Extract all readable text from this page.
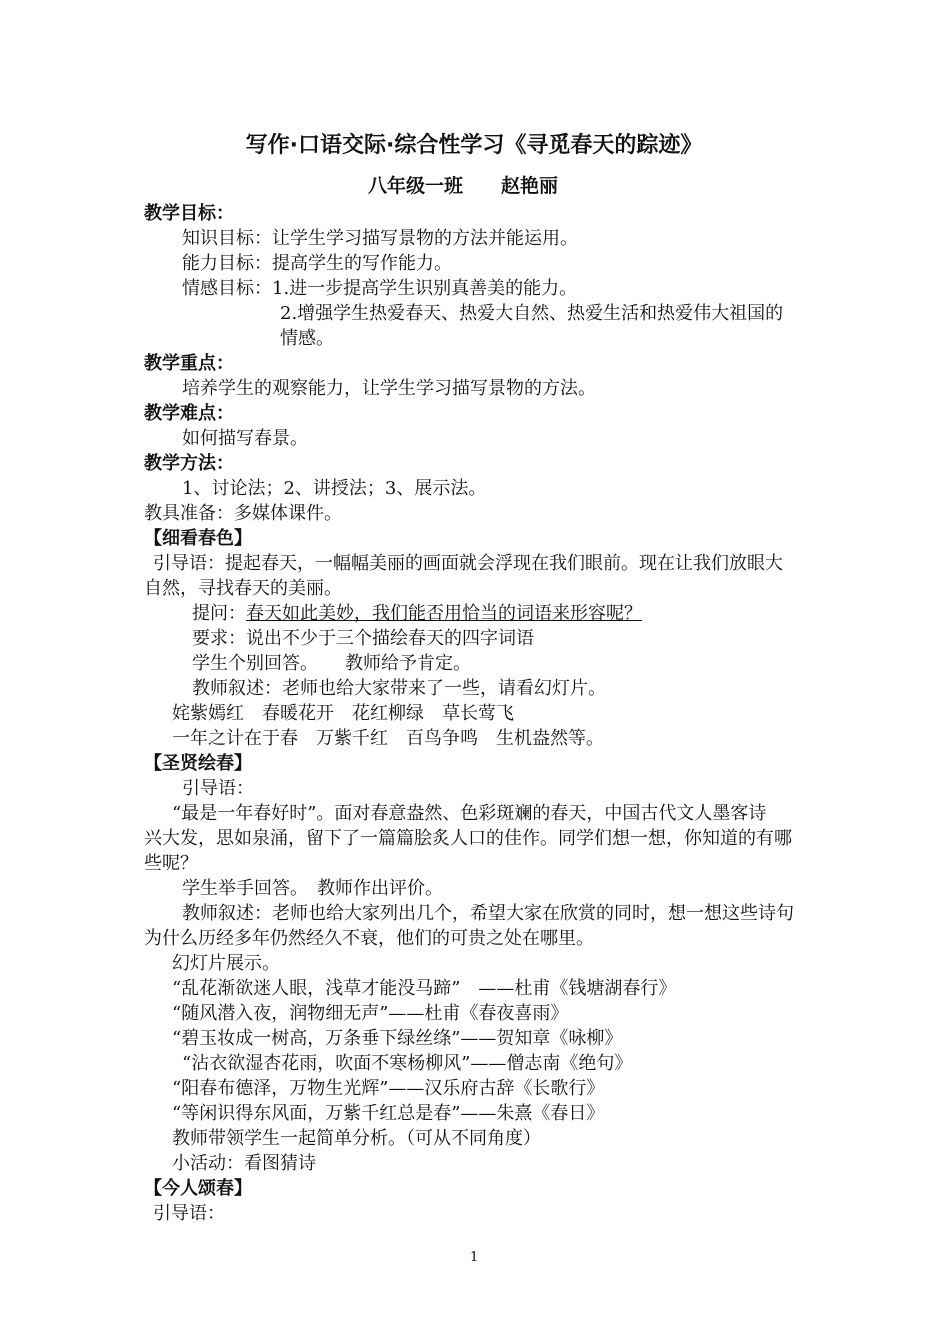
写作·口语交际·综合性学习《寻觅春天的踪迹》
八年级一班　　赵艳丽
教学目标：
知识目标：让学生学习描写景物的方法并能运用。
能力目标：提高学生的写作能力。
情感目标：1.进一步提高学生识别真善美的能力。
2.增强学生热爱春天、热爱大自然、热爱生活和热爱伟大祖国的
情感。
教学重点：
培养学生的观察能力，让学生学习描写景物的方法。
教学难点：
如何描写春景。
教学方法：
1、讨论法；2、讲授法；3、展示法。
教具准备：多媒体课件。
【细看春色】
引导语：提起春天，一幅幅美丽的画面就会浮现在我们眼前。现在让我们放眼大
自然，寻找春天的美丽。
提问：春天如此美妙，我们能否用恰当的词语来形容呢？
要求：说出不少于三个描绘春天的四字词语
学生个别回答。　　教师给予肯定。
教师叙述：老师也给大家带来了一些，请看幻灯片。
姹紫嫣红　春暖花开　花红柳绿　草长莺飞
一年之计在于春　万紫千红　百鸟争鸣　生机盎然等。
【圣贤绘春】
引导语：
“最是一年春好时”。面对春意盎然、色彩斑斓的春天，中国古代文人墨客诗
兴大发，思如泉涌，留下了一篇篇脍炙人口的佳作。同学们想一想，你知道的有哪
些呢？
学生举手回答。　教师作出评价。
教师叙述：老师也给大家列出几个，希望大家在欣赏的同时，想一想这些诗句
为什么历经多年仍然经久不衰，他们的可贵之处在哪里。
幻灯片展示。
“乱花渐欲迷人眼，浅草才能没马蹄”　——杜甫《钱塘湖春行》
“随风潜入夜，润物细无声”——杜甫《春夜喜雨》
“碧玉妆成一树高，万条垂下绿丝绦”——贺知章《咏柳》
“沾衣欲湿杏花雨，吹面不寒杨柳风”——僧志南《绝句》
“阳春布德泽，万物生光辉”——汉乐府古辞《长歌行》
“等闲识得东风面，万紫千红总是春”——朱熹《春日》
教师带领学生一起简单分析。（可从不同角度）
小活动：看图猜诗
【今人颂春】
引导语：
1
